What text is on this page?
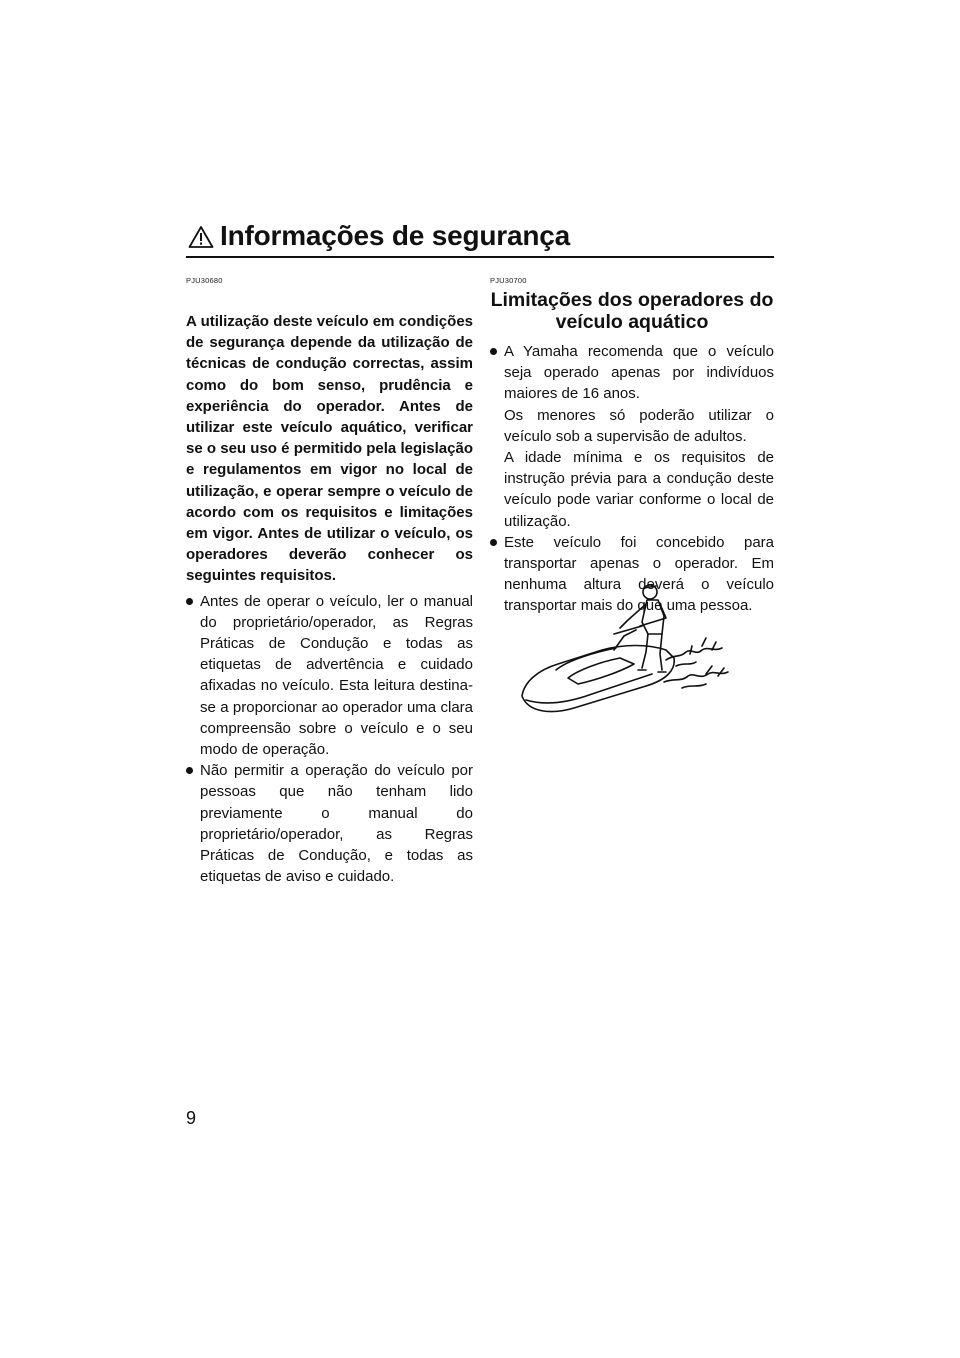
Informações de segurança
PJU30680
A utilização deste veículo em condições de segurança depende da utilização de técnicas de condução correctas, assim como do bom senso, prudência e experiência do operador. Antes de utilizar este veículo aquático, verificar se o seu uso é permitido pela legislação e regulamentos em vigor no local de utilização, e operar sempre o veículo de acordo com os requisitos e limitações em vigor. Antes de utilizar o veículo, os operadores deverão conhecer os seguintes requisitos.
Antes de operar o veículo, ler o manual do proprietário/operador, as Regras Práticas de Condução e todas as etiquetas de advertência e cuidado afixadas no veículo. Esta leitura destina-se a proporcionar ao operador uma clara compreensão sobre o veículo e o seu modo de operação.
Não permitir a operação do veículo por pessoas que não tenham lido previamente o manual do proprietário/operador, as Regras Práticas de Condução, e todas as etiquetas de aviso e cuidado.
PJU30700
Limitações dos operadores do
veículo aquático
A Yamaha recomenda que o veículo seja operado apenas por indivíduos maiores de 16 anos.
Os menores só poderão utilizar o veículo sob a supervisão de adultos.
A idade mínima e os requisitos de instrução prévia para a condução deste veículo pode variar conforme o local de utilização.
Este veículo foi concebido para transportar apenas o operador. Em nenhuma altura deverá o veículo transportar mais do que uma pessoa.
9
